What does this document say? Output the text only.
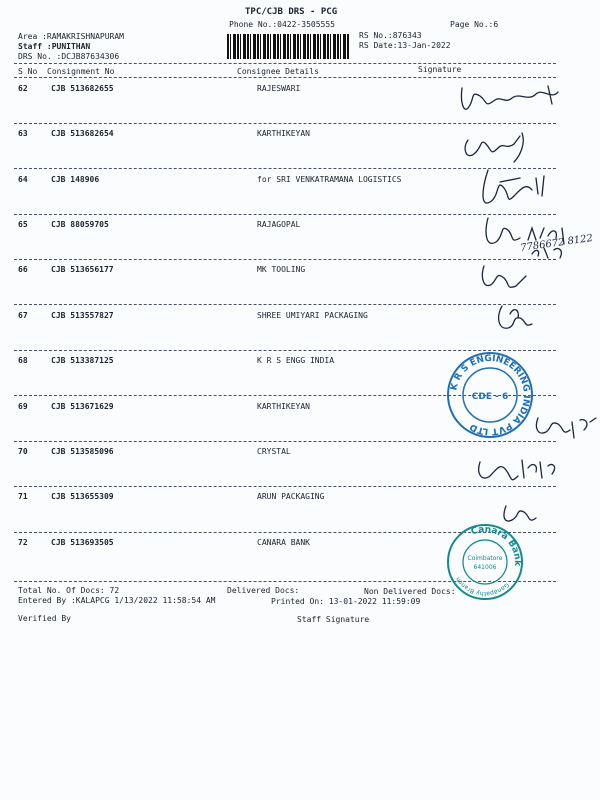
TPC/CJB DRS - PCG
Phone No.:0422-3505555	Page No.:6
Area :RAMAKRISHNAPURAM
Staff :PUNITHAN
DRS No. :DCJB87634306
RS No.:876343
RS Date:13-Jan-2022
S No Consignment No	Consignee Details	Signature
62	CJB 513682655	RAJESWARI
63	CJB 513682654	KARTHIKEYAN
64	CJB 148906	for SRI VENKATRAMANA LOGISTICS
65	CJB 88059705	RAJAGOPAL
66	CJB 513656177	MK TOOLING
67	CJB 513557827	SHREE UMIYARI PACKAGING
68	CJB 513387125	K R S ENGG INDIA
69	CJB 513671629	KARTHIKEYAN
70	CJB 513585096	CRYSTAL
71	CJB 513655309	ARUN PACKAGING
72	CJB 513693505	CANARA BANK
Total No. Of Docs: 72	Delivered Docs:	Non Delivered Docs:
Entered By :KALAPCG 1/13/2022 11:58:54 AM	Printed On: 13-01-2022 11:59:09
Verified By	Staff Signature
K R S ENGINEERING INDIA PVT LTD
CDE - 6
Canara Bank
Ganapathy Branch
Coimbatore
641006
7786672 8122
